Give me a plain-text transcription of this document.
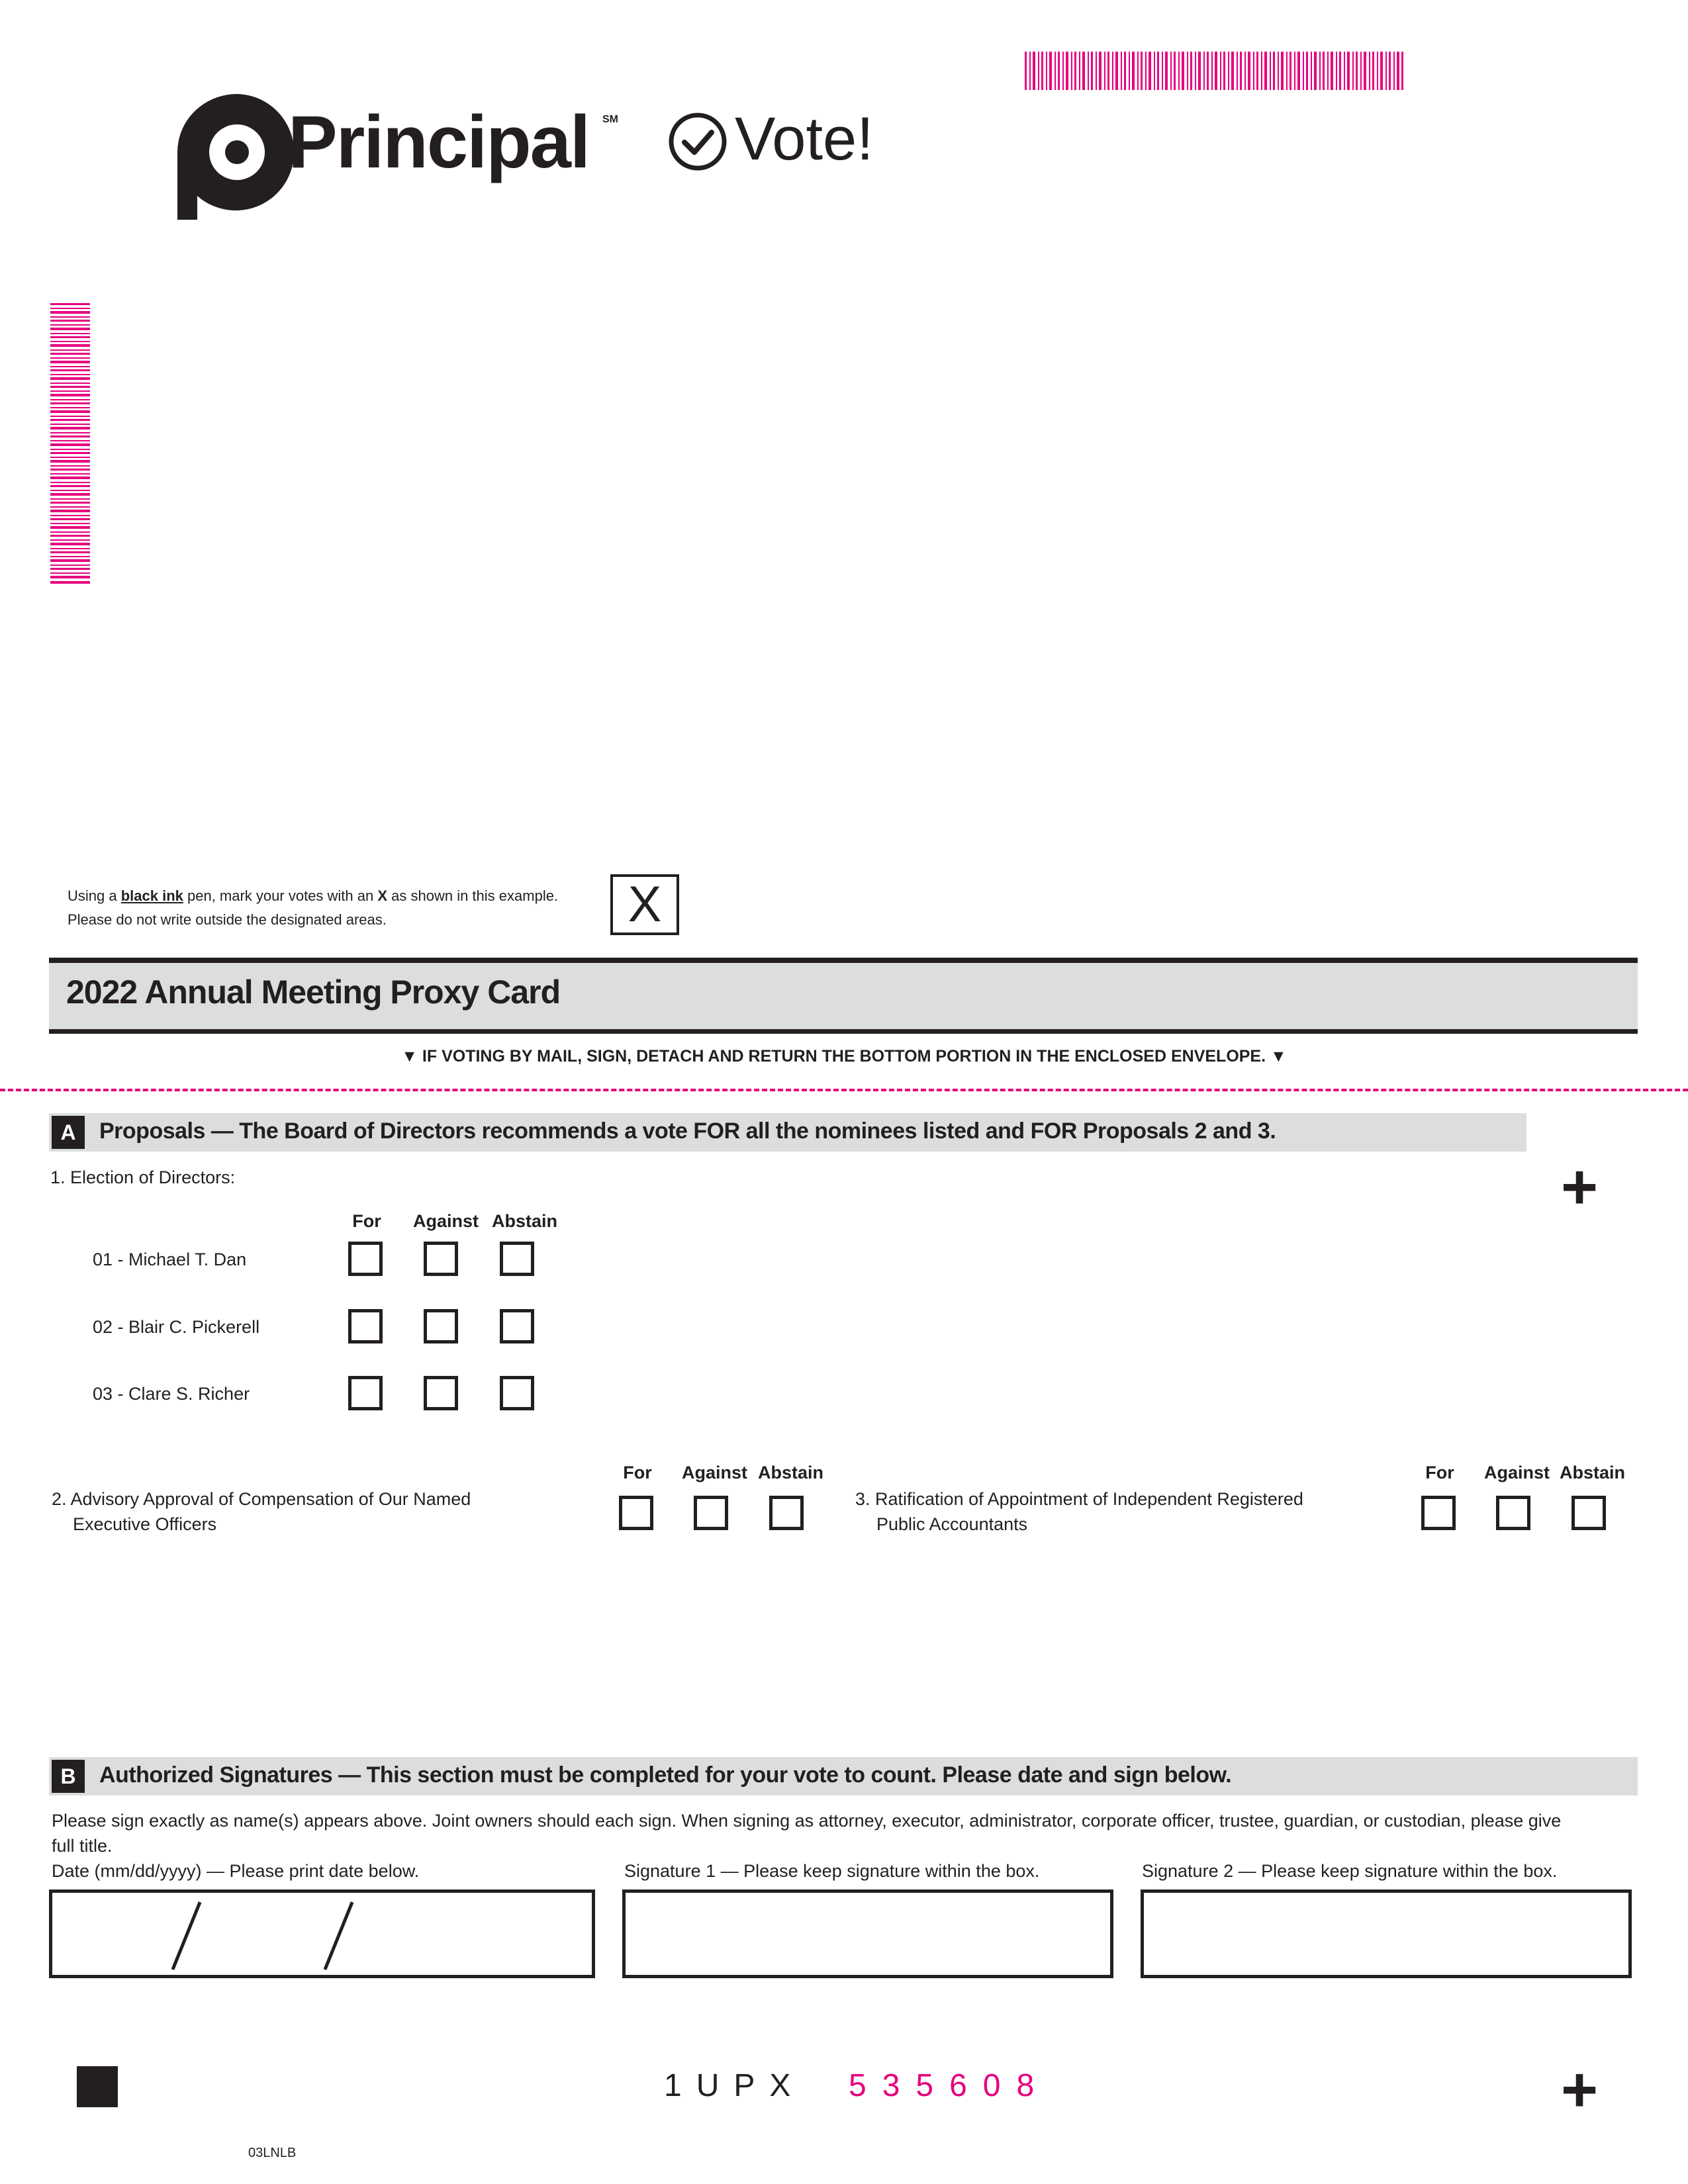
Principal SM Vote!
Using a black ink pen, mark your votes with an X as shown in this example.
Please do not write outside the designated areas.	X
2022 Annual Meeting Proxy Card
▼ IF VOTING BY MAIL, SIGN, DETACH AND RETURN THE BOTTOM PORTION IN THE ENCLOSED ENVELOPE. ▼
A	Proposals — The Board of Directors recommends a vote FOR all the nominees listed and FOR Proposals 2 and 3.
+
1. Election of Directors:
For	Against Abstain
01 - Michael T. Dan
02 - Blair C. Pickerell
03 - Clare S. Richer
2. Advisory Approval of Compensation of Our Named
Executive Officers
For	Against Abstain
3. Ratification of Appointment of Independent Registered
Public Accountants
For	Against Abstain
B	Authorized Signatures — This section must be completed for your vote to count. Please date and sign below.
Please sign exactly as name(s) appears above. Joint owners should each sign. When signing as attorney, executor, administrator, corporate officer, trustee, guardian, or custodian, please give
full title.
Date (mm/dd/yyyy) — Please print date below.	Signature 1 — Please keep signature within the box.	Signature 2 — Please keep signature within the box.
1UPX 535608	+
03LNLB
